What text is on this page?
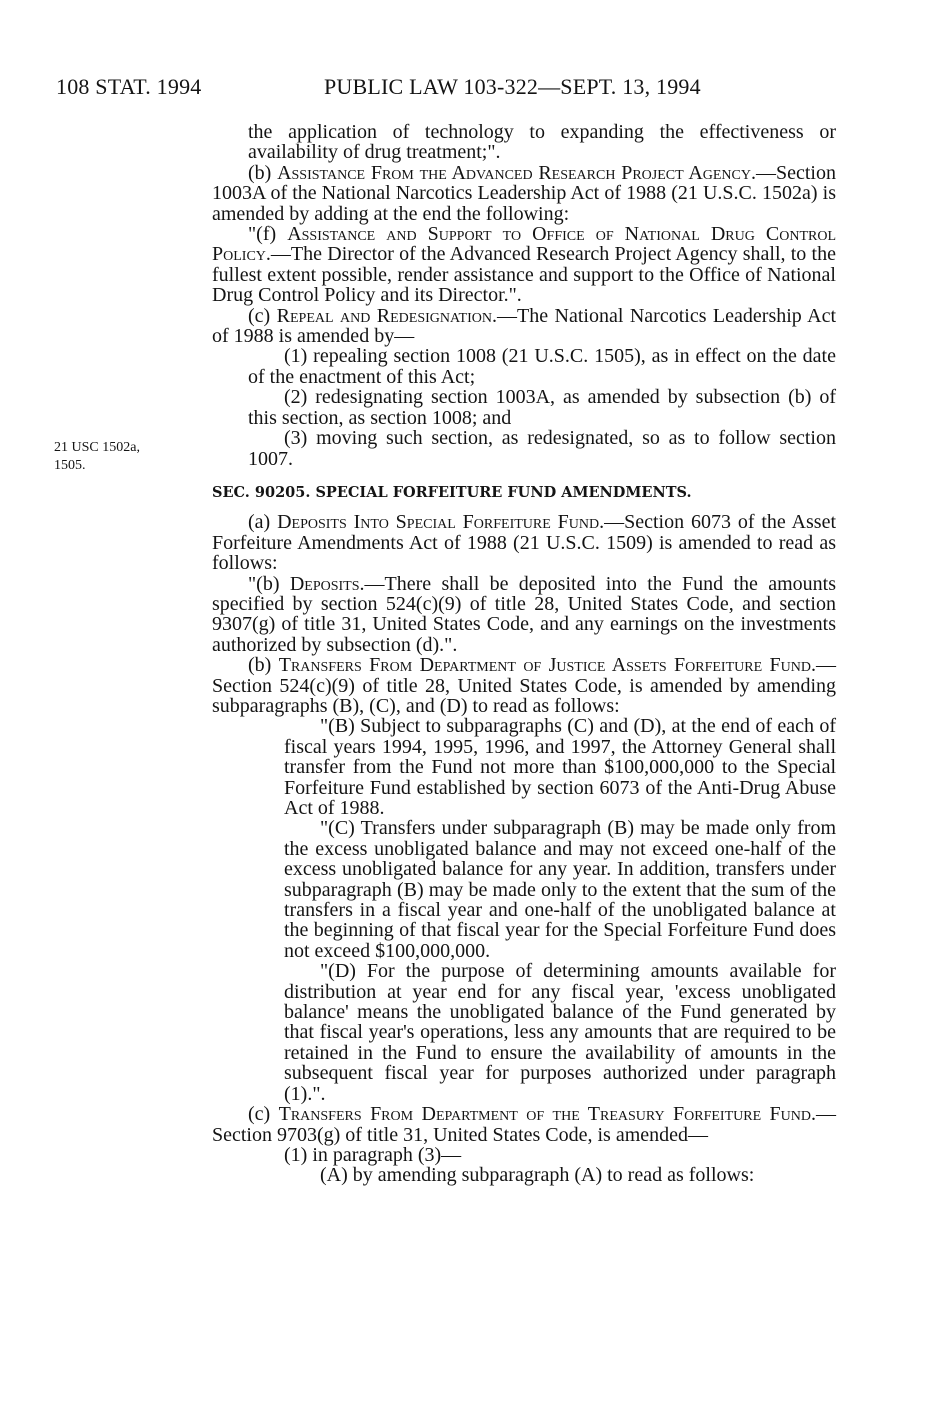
108 STAT. 1994	PUBLIC LAW 103-322—SEPT. 13, 1994
21 USC 1502a,
1505.

the application of technology to expanding the effectiveness or availability of drug treatment;".

(b) Assistance From the Advanced Research Project Agency.—Section 1003A of the National Narcotics Leadership Act of 1988 (21 U.S.C. 1502a) is amended by adding at the end the following:

"(f) Assistance and Support to Office of National Drug Control Policy.—The Director of the Advanced Research Project Agency shall, to the fullest extent possible, render assistance and support to the Office of National Drug Control Policy and its Director.".

(c) Repeal and Redesignation.—The National Narcotics Leadership Act of 1988 is amended by—

(1) repealing section 1008 (21 U.S.C. 1505), as in effect on the date of the enactment of this Act;

(2) redesignating section 1003A, as amended by subsection (b) of this section, as section 1008; and

(3) moving such section, as redesignated, so as to follow section 1007.

SEC. 90205. SPECIAL FORFEITURE FUND AMENDMENTS.

(a) Deposits Into Special Forfeiture Fund.—Section 6073 of the Asset Forfeiture Amendments Act of 1988 (21 U.S.C. 1509) is amended to read as follows:

"(b) Deposits.—There shall be deposited into the Fund the amounts specified by section 524(c)(9) of title 28, United States Code, and section 9307(g) of title 31, United States Code, and any earnings on the investments authorized by subsection (d).".

(b) Transfers From Department of Justice Assets Forfeiture Fund.—Section 524(c)(9) of title 28, United States Code, is amended by amending subparagraphs (B), (C), and (D) to read as follows:

"(B) Subject to subparagraphs (C) and (D), at the end of each of fiscal years 1994, 1995, 1996, and 1997, the Attorney General shall transfer from the Fund not more than $100,000,000 to the Special Forfeiture Fund established by section 6073 of the Anti-Drug Abuse Act of 1988.

"(C) Transfers under subparagraph (B) may be made only from the excess unobligated balance and may not exceed one-half of the excess unobligated balance for any year. In addition, transfers under subparagraph (B) may be made only to the extent that the sum of the transfers in a fiscal year and one-half of the unobligated balance at the beginning of that fiscal year for the Special Forfeiture Fund does not exceed $100,000,000.

"(D) For the purpose of determining amounts available for distribution at year end for any fiscal year, 'excess unobligated balance' means the unobligated balance of the Fund generated by that fiscal year's operations, less any amounts that are required to be retained in the Fund to ensure the availability of amounts in the subsequent fiscal year for purposes authorized under paragraph (1).".

(c) Transfers From Department of the Treasury Forfeiture Fund.— Section 9703(g) of title 31, United States Code, is amended—

(1) in paragraph (3)—

(A) by amending subparagraph (A) to read as follows:
